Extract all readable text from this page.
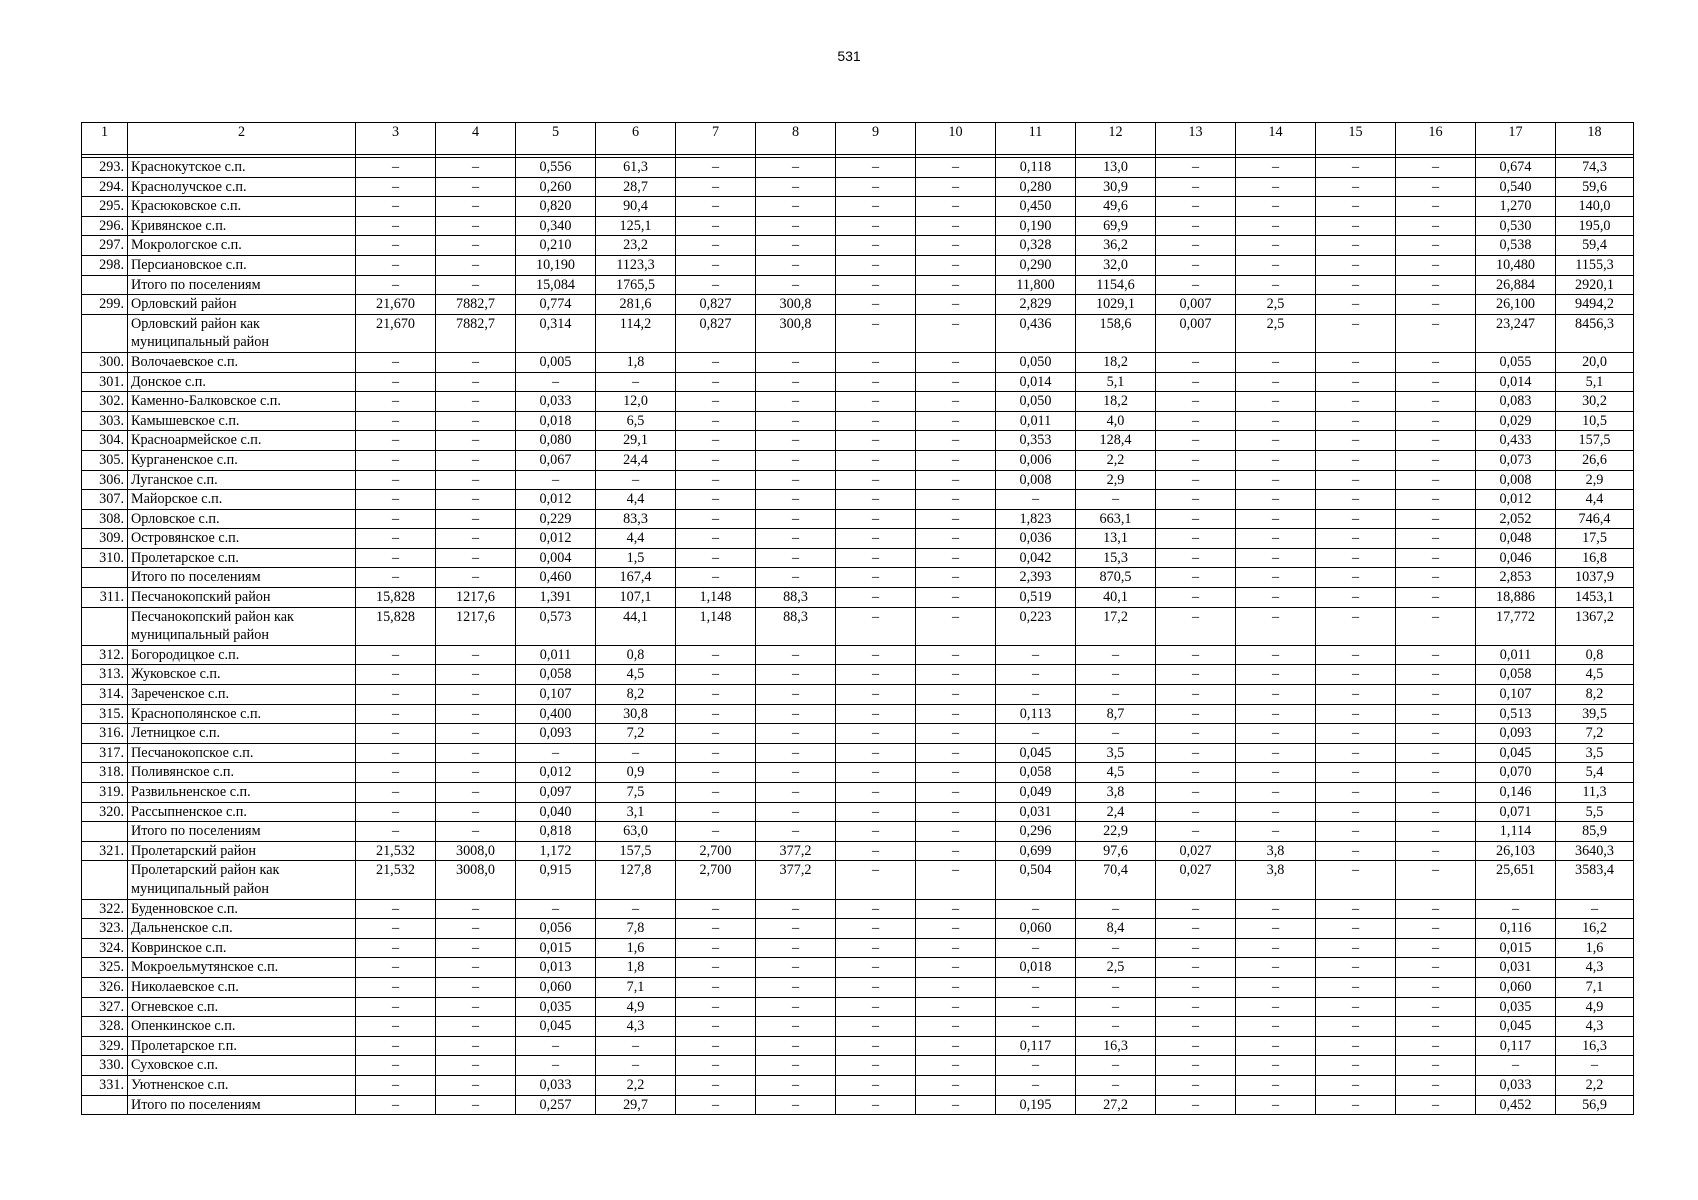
531
1	2	3	4	5	6	7	8	9	10	11	12	13	14	15	16	17	18

293.	Краснокутское с.п.	–	–	0,556	61,3	–	–	–	–	0,118	13,0	–	–	–	–	0,674	74,3
294.	Краснолучское с.п.	–	–	0,260	28,7	–	–	–	–	0,280	30,9	–	–	–	–	0,540	59,6
295.	Красюковское с.п.	–	–	0,820	90,4	–	–	–	–	0,450	49,6	–	–	–	–	1,270	140,0
296.	Кривянское с.п.	–	–	0,340	125,1	–	–	–	–	0,190	69,9	–	–	–	–	0,530	195,0
297.	Мокрологское с.п.	–	–	0,210	23,2	–	–	–	–	0,328	36,2	–	–	–	–	0,538	59,4
298.	Персиановское с.п.	–	–	10,190	1123,3	–	–	–	–	0,290	32,0	–	–	–	–	10,480	1155,3
	Итого по поселениям	–	–	15,084	1765,5	–	–	–	–	11,800	1154,6	–	–	–	–	26,884	2920,1
299.	Орловский район	21,670	7882,7	0,774	281,6	0,827	300,8	–	–	2,829	1029,1	0,007	2,5	–	–	26,100	9494,2
	Орловский район как муниципальный район	21,670	7882,7	0,314	114,2	0,827	300,8	–	–	0,436	158,6	0,007	2,5	–	–	23,247	8456,3
300.	Волочаевское с.п.	–	–	0,005	1,8	–	–	–	–	0,050	18,2	–	–	–	–	0,055	20,0
301.	Донское с.п.	–	–	–	–	–	–	–	–	0,014	5,1	–	–	–	–	0,014	5,1
302.	Каменно-Балковское с.п.	–	–	0,033	12,0	–	–	–	–	0,050	18,2	–	–	–	–	0,083	30,2
303.	Камышевское с.п.	–	–	0,018	6,5	–	–	–	–	0,011	4,0	–	–	–	–	0,029	10,5
304.	Красноармейское с.п.	–	–	0,080	29,1	–	–	–	–	0,353	128,4	–	–	–	–	0,433	157,5
305.	Курганенское с.п.	–	–	0,067	24,4	–	–	–	–	0,006	2,2	–	–	–	–	0,073	26,6
306.	Луганское с.п.	–	–	–	–	–	–	–	–	0,008	2,9	–	–	–	–	0,008	2,9
307.	Майорское с.п.	–	–	0,012	4,4	–	–	–	–	–	–	–	–	–	–	0,012	4,4
308.	Орловское с.п.	–	–	0,229	83,3	–	–	–	–	1,823	663,1	–	–	–	–	2,052	746,4
309.	Островянское с.п.	–	–	0,012	4,4	–	–	–	–	0,036	13,1	–	–	–	–	0,048	17,5
310.	Пролетарское с.п.	–	–	0,004	1,5	–	–	–	–	0,042	15,3	–	–	–	–	0,046	16,8
	Итого по поселениям	–	–	0,460	167,4	–	–	–	–	2,393	870,5	–	–	–	–	2,853	1037,9
311.	Песчанокопский район	15,828	1217,6	1,391	107,1	1,148	88,3	–	–	0,519	40,1	–	–	–	–	18,886	1453,1
	Песчанокопский район как муниципальный район	15,828	1217,6	0,573	44,1	1,148	88,3	–	–	0,223	17,2	–	–	–	–	17,772	1367,2
312.	Богородицкое с.п.	–	–	0,011	0,8	–	–	–	–	–	–	–	–	–	–	0,011	0,8
313.	Жуковское с.п.	–	–	0,058	4,5	–	–	–	–	–	–	–	–	–	–	0,058	4,5
314.	Зареченское с.п.	–	–	0,107	8,2	–	–	–	–	–	–	–	–	–	–	0,107	8,2
315.	Краснополянское с.п.	–	–	0,400	30,8	–	–	–	–	0,113	8,7	–	–	–	–	0,513	39,5
316.	Летницкое с.п.	–	–	0,093	7,2	–	–	–	–	–	–	–	–	–	–	0,093	7,2
317.	Песчанокопское с.п.	–	–	–	–	–	–	–	–	0,045	3,5	–	–	–	–	0,045	3,5
318.	Поливянское с.п.	–	–	0,012	0,9	–	–	–	–	0,058	4,5	–	–	–	–	0,070	5,4
319.	Развильненское с.п.	–	–	0,097	7,5	–	–	–	–	0,049	3,8	–	–	–	–	0,146	11,3
320.	Рассыпненское с.п.	–	–	0,040	3,1	–	–	–	–	0,031	2,4	–	–	–	–	0,071	5,5
	Итого по поселениям	–	–	0,818	63,0	–	–	–	–	0,296	22,9	–	–	–	–	1,114	85,9
321.	Пролетарский район	21,532	3008,0	1,172	157,5	2,700	377,2	–	–	0,699	97,6	0,027	3,8	–	–	26,103	3640,3
	Пролетарский район как муниципальный район	21,532	3008,0	0,915	127,8	2,700	377,2	–	–	0,504	70,4	0,027	3,8	–	–	25,651	3583,4
322.	Буденновское с.п.	–	–	–	–	–	–	–	–	–	–	–	–	–	–	–	–
323.	Дальненское с.п.	–	–	0,056	7,8	–	–	–	–	0,060	8,4	–	–	–	–	0,116	16,2
324.	Ковринское с.п.	–	–	0,015	1,6	–	–	–	–	–	–	–	–	–	–	0,015	1,6
325.	Мокроельмутянское с.п.	–	–	0,013	1,8	–	–	–	–	0,018	2,5	–	–	–	–	0,031	4,3
326.	Николаевское с.п.	–	–	0,060	7,1	–	–	–	–	–	–	–	–	–	–	0,060	7,1
327.	Огневское с.п.	–	–	0,035	4,9	–	–	–	–	–	–	–	–	–	–	0,035	4,9
328.	Опенкинское с.п.	–	–	0,045	4,3	–	–	–	–	–	–	–	–	–	–	0,045	4,3
329.	Пролетарское г.п.	–	–	–	–	–	–	–	–	0,117	16,3	–	–	–	–	0,117	16,3
330.	Суховское с.п.	–	–	–	–	–	–	–	–	–	–	–	–	–	–	–	–
331.	Уютненское с.п.	–	–	0,033	2,2	–	–	–	–	–	–	–	–	–	–	0,033	2,2
	Итого по поселениям	–	–	0,257	29,7	–	–	–	–	0,195	27,2	–	–	–	–	0,452	56,9
